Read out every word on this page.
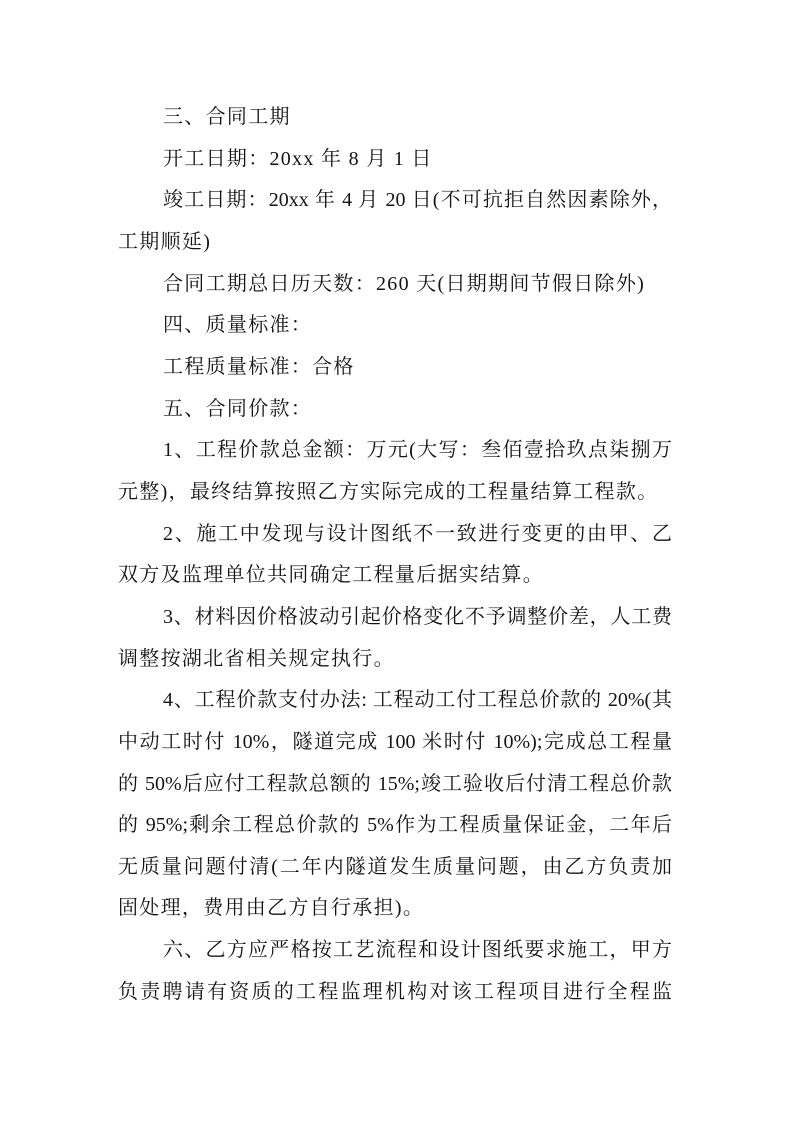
三、合同工期
开工日期：20xx 年 8 月 1 日
竣工日期：20xx 年 4 月 20 日(不可抗拒自然因素除外，
工期顺延)
合同工期总日历天数：260 天(日期期间节假日除外)
四、质量标准：
工程质量标准：合格
五、合同价款：
1、工程价款总金额：万元(大写：叁佰壹拾玖点柒捌万
元整)，最终结算按照乙方实际完成的工程量结算工程款。
2、施工中发现与设计图纸不一致进行变更的由甲、乙
双方及监理单位共同确定工程量后据实结算。
3、材料因价格波动引起价格变化不予调整价差，人工费
调整按湖北省相关规定执行。
4、工程价款支付办法: 工程动工付工程总价款的 20%(其
中动工时付 10%，隧道完成 100 米时付 10%);完成总工程量
的 50%后应付工程款总额的 15%;竣工验收后付清工程总价款
的 95%;剩余工程总价款的 5%作为工程质量保证金，二年后
无质量问题付清(二年内隧道发生质量问题，由乙方负责加
固处理，费用由乙方自行承担)。
六、乙方应严格按工艺流程和设计图纸要求施工，甲方
负责聘请有资质的工程监理机构对该工程项目进行全程监
